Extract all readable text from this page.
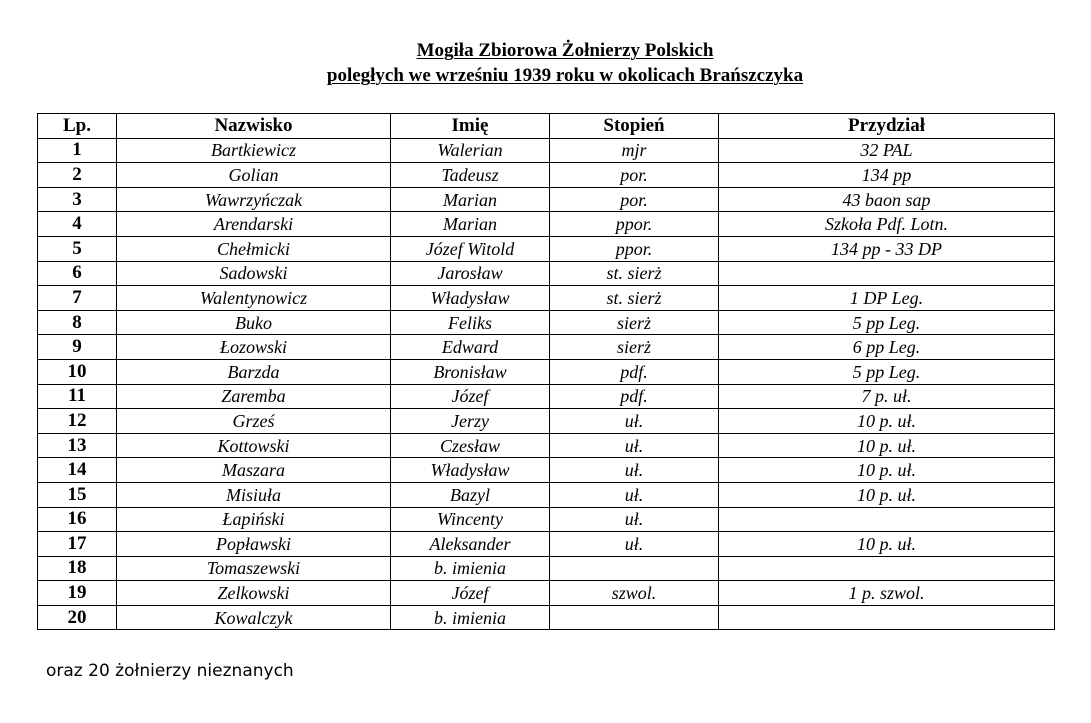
Mogiła Zbiorowa Żołnierzy Polskich
poległych we wrześniu 1939 roku w okolicach Brańszczyka
Lp.	Nazwisko	Imię	Stopień	Przydział
1	Bartkiewicz	Walerian	mjr	32 PAL
2	Golian	Tadeusz	por.	134 pp
3	Wawrzyńczak	Marian	por.	43 baon sap
4	Arendarski	Marian	ppor.	Szkoła Pdf. Lotn.
5	Chełmicki	Józef Witold	ppor.	134 pp - 33 DP
6	Sadowski	Jarosław	st. sierż	
7	Walentynowicz	Władysław	st. sierż	1 DP Leg.
8	Buko	Feliks	sierż	5 pp Leg.
9	Łozowski	Edward	sierż	6 pp Leg.
10	Barzda	Bronisław	pdf.	5 pp Leg.
11	Zaremba	Józef	pdf.	7 p. uł.
12	Grześ	Jerzy	uł.	10 p. uł.
13	Kottowski	Czesław	uł.	10 p. uł.
14	Maszara	Władysław	uł.	10 p. uł.
15	Misiuła	Bazyl	uł.	10 p. uł.
16	Łapiński	Wincenty	uł.	
17	Popławski	Aleksander	uł.	10 p. uł.
18	Tomaszewski	b. imienia		
19	Zelkowski	Józef	szwol.	1 p. szwol.
20	Kowalczyk	b. imienia		
oraz 20 żołnierzy nieznanych
